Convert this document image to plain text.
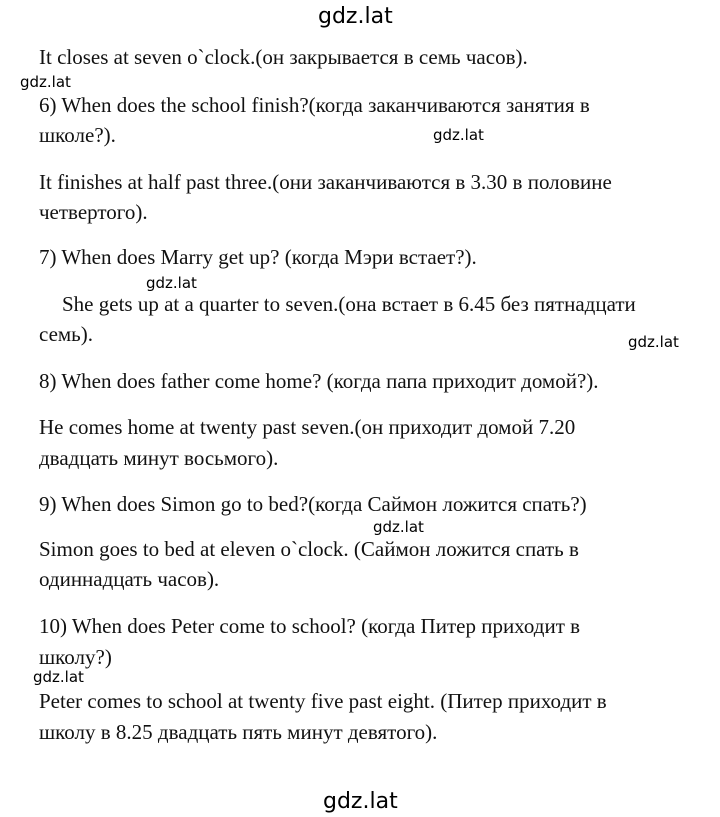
gdz.lat
It closes at seven o`clock.(он закрывается в семь часов).
gdz.lat
6) When does the school finish?(когда заканчиваются занятия в
школе?).	gdz.lat
It finishes at half past three.(они заканчиваются в 3.30 в половине
четвертого).
7) When does Marry get up? (когда Мэри встает?).
gdz.lat
She gets up at a quarter to seven.(она встает в 6.45 без пятнадцати
семь).	gdz.lat
8) When does father come home? (когда папа приходит домой?).
He comes home at twenty past seven.(он приходит домой 7.20
двадцать минут восьмого).
9) When does Simon go to bed?(когда Саймон ложится спать?)
gdz.lat
Simon goes to bed at eleven o`clock. (Саймон ложится спать в
одиннадцать часов).
10) When does Peter come to school? (когда Питер приходит в
школу?)
gdz.lat
Peter comes to school at twenty five past eight. (Питер приходит в
школу в 8.25 двадцать пять минут девятого).
gdz.lat
